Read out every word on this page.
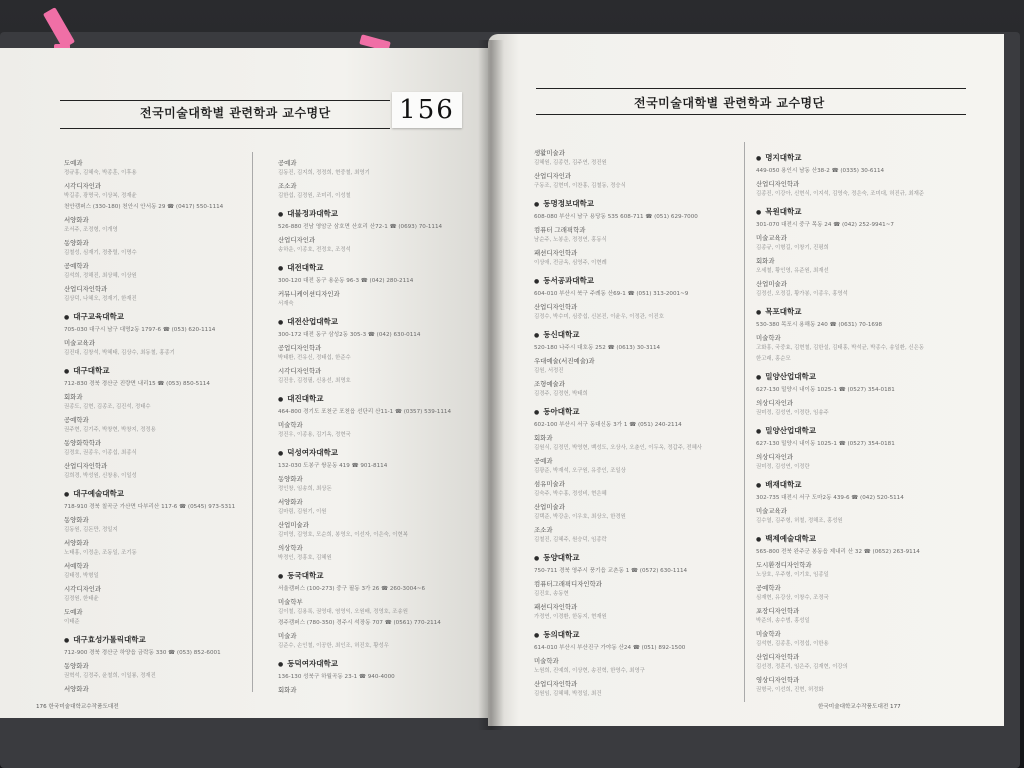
전국미술대학별 관련학과 교수명단
도예과
정규홍, 김혜숙, 박종훈, 이후용
시각디자인과
박길종, 광명국, 이상복, 정재윤
천안캠퍼스 (330-180) 천안시 안서동 29 ☎ (0417) 550-1114
서양화과
조서주, 조정형, 이개영
동양화과
김철성, 심재기, 정충렬, 이명수
공예학과
김석희, 정해진, 최상혜, 이상원
산업디자인학과
김상덕, 나혜오, 정재기, 한재진
● 대구교육대학교
705-030 대구시 남구 대명2동 1797-6 ☎ (053) 620-1114
미술교육과
김진대, 김창석, 박혜태, 김상수, 최동철, 홍종기
● 대구대학교
712-830 경북 경산군 진량면 내리15 ☎ (053) 850-5114
회화과
권종도, 김현, 김종조, 김진석, 정태수
공예학과
권주현, 김기주, 박창현, 박창지, 정정용
동양화학학과
김정호, 권종우, 이종섭, 최종식
산업디자인학과
김희경, 박성원, 신창용, 이일성
● 대구예술대학교
718-910 경북 칠곡군 가산면 다부리산 117-6 ☎ (0545) 973-5311
동양화과
김동원, 김돈만, 정일지
서양화과
노태홍, 이정운, 조동일, 조기동
서예학과
김태정, 박형일
시각디자인과
김정원, 한태윤
도예과
이태준
● 대구효성가톨릭대학교
712-900 경북 경산군 하양읍 금락동 330 ☎ (053) 852-6001
동양화과
권혁석, 김정주, 윤철희, 이일룡, 정재진
서양화과
공예과
김동진, 김지희, 정정희, 현중철, 최영기
조소과
김한섭, 김정원, 조미리, 이성철
● 대불정과대학교
526-880 전남 영암군 삼호면 산호리 산72-1 ☎ (0693) 70-1114
산업디자인과
송하운, 이종호, 전정호, 조정석
● 대전대학교
300-120 대전 동구 용운동 96-3 ☎ (042) 280-2114
커뮤니케이션디자인과
서재숙
● 대전산업대학교
300-172 대전 동구 삼성2동 305-3 ☎ (042) 630-0114
공업디자인학과
박태환, 전유신, 정태섭, 한준수
시각디자인학과
김진웅, 김정필, 신용선, 최명호
● 대진대학교
464-800 경기도 포천군 포천읍 선단리 산11-1 ☎ (0357) 539-1114
미술학과
정진우, 이종용, 김기옥, 정현국
● 덕성여자대학교
132-030 도봉구 쌍문동 419 ☎ 901-8114
동양화과
정인창, 임송희, 최상돈
서양화과
김마림, 김원기, 이원
산업미술과
김미영, 김영호, 모순희, 봉영오, 이선자, 이은숙, 이현복
의상학과
박정인, 정흥호, 김혜원
● 동국대학교
서울캠퍼스 (100-273) 중구 필동 3가 26 ☎ 260-3004~6
미술학부
김이철, 김용록, 권영대, 염영익, 오원배, 정영호, 조송원
경주캠퍼스 (780-350) 경주시 석장동 707 ☎ (0561) 770-2114
미술과
김준수, 손인철, 이공한, 최인조, 허진호, 황성우
● 동덕여자대학교
136-130 성북구 하월곡동 23-1 ☎ 940-4000
회화과
176 한국미술대학교수작품도대전
156	전국미술대학별 관련학과 교수명단
생활미술과
김혜원, 김종련, 김주연, 정진원
산업디자인과
구동조, 김현미, 이찬홍, 김철동, 정승식
● 동명정보대학교
608-080 부산시 남구 용당동 535 608-711 ☎ (051) 629-7000
컴퓨터 그래픽학과
남순주, 노봉운, 정정연, 홍동식
패션디자인학과
이상애, 전금옥, 심영주, 이현례
● 동서공과대학교
604-010 부산시 북구 주례동 산69-1 ☎ (051) 313-2001~9
산업디자인학과
김정수, 박수미, 심중섭, 신본진, 이윤우, 이정관, 이진호
● 동신대학교
520-180 나주시 대호동 252 ☎ (0613) 30-3114
우대예술(서진예술)과
김원, 서정진
조형예술과
김경주, 김정헌, 박태희
● 동아대학교
602-100 부산시 서구 동대신동 3가 1 ☎ (051) 240-2114
회화과
김원식, 김정민, 박영현, 백성도, 오상사, 오춘인, 이두옥, 정갑주, 전혜사
공예과
김광준, 박재석, 오구원, 유중인, 조일상
섬유미술과
김숙주, 박수홍, 정성비, 현은혜
산업미술과
김택준, 박강운, 이우호, 최상오, 한경원
조소과
김철진, 김혜주, 원승덕, 임종락
● 동양대학교
750-711 경북 영주시 풍기읍 교촌동 1 ☎ (0572) 630-1114
컴퓨터그래픽디자인학과
김진호, 송동현
패션디자인학과
가정연, 이경환, 한동지, 현재원
● 동의대학교
614-010 부산시 부산진구 가야동 산24 ☎ (051) 892-1500
미술학과
노원희, 진예희, 이상현, 송진혁, 한영수, 최영구
산업디자인학과
김원임, 김혜혜, 박정일, 최건
● 명지대학교
449-050 용인시 남동 산38-2 ☎ (0335) 30-6114
산업디자인학과
김종진, 이강아, 신현식, 이지석, 김영숙, 정은숙, 조미대, 허진규, 최재준
● 목원대학교
301-070 대전시 중구 목동 24 ☎ (042) 252-9941~7
미술교육과
김종규, 이형길, 이창기, 진평희
회화과
오세철, 황인영, 유준원, 최재선
산업미술과
김정선, 오정길, 황가봉, 이종우, 홍영석
● 목포대학교
530-380 목포시 용해동 240 ☎ (0631) 70-1698
미술학과
고화흥, 국중효, 김현철, 김한설, 김태홍, 박석균, 박종수, 송일환, 신은동
한고래, 홍순모
● 밀양산업대학교
627-130 밀양시 내이동 1025-1 ☎ (0527) 354-0181
의상디자인과
권미정, 김성연, 이정란, 임송주
● 밀양산업대학교
627-130 밀양시 내이동 1025-1 ☎ (0527) 354-0181
의상디자인과
권미정, 김성연, 이정란
● 배재대학교
302-735 대전시 서구 도마2동 439-6 ☎ (042) 520-5114
미술교육과
김수열, 김주형, 허철, 정해조, 홍성원
● 백제예술대학교
565-800 전북 완주군 봉동읍 제내리 산 32 ☎ (0652) 263-9114
도시환경디자인학과
노상호, 우주형, 이기호, 임종일
공예학과
심재현, 유강상, 이창수, 조정국
포장디자인학과
박준의, 송수범, 홍성일
미술학과
김석현, 김종훈, 이정섭, 이한용
산업디자인학과
김선경, 정훈리, 임은주, 김재현, 이강의
영상디자인학과
권형국, 이선희, 진현, 허정화
한국미술대학교수작품도대전 177
